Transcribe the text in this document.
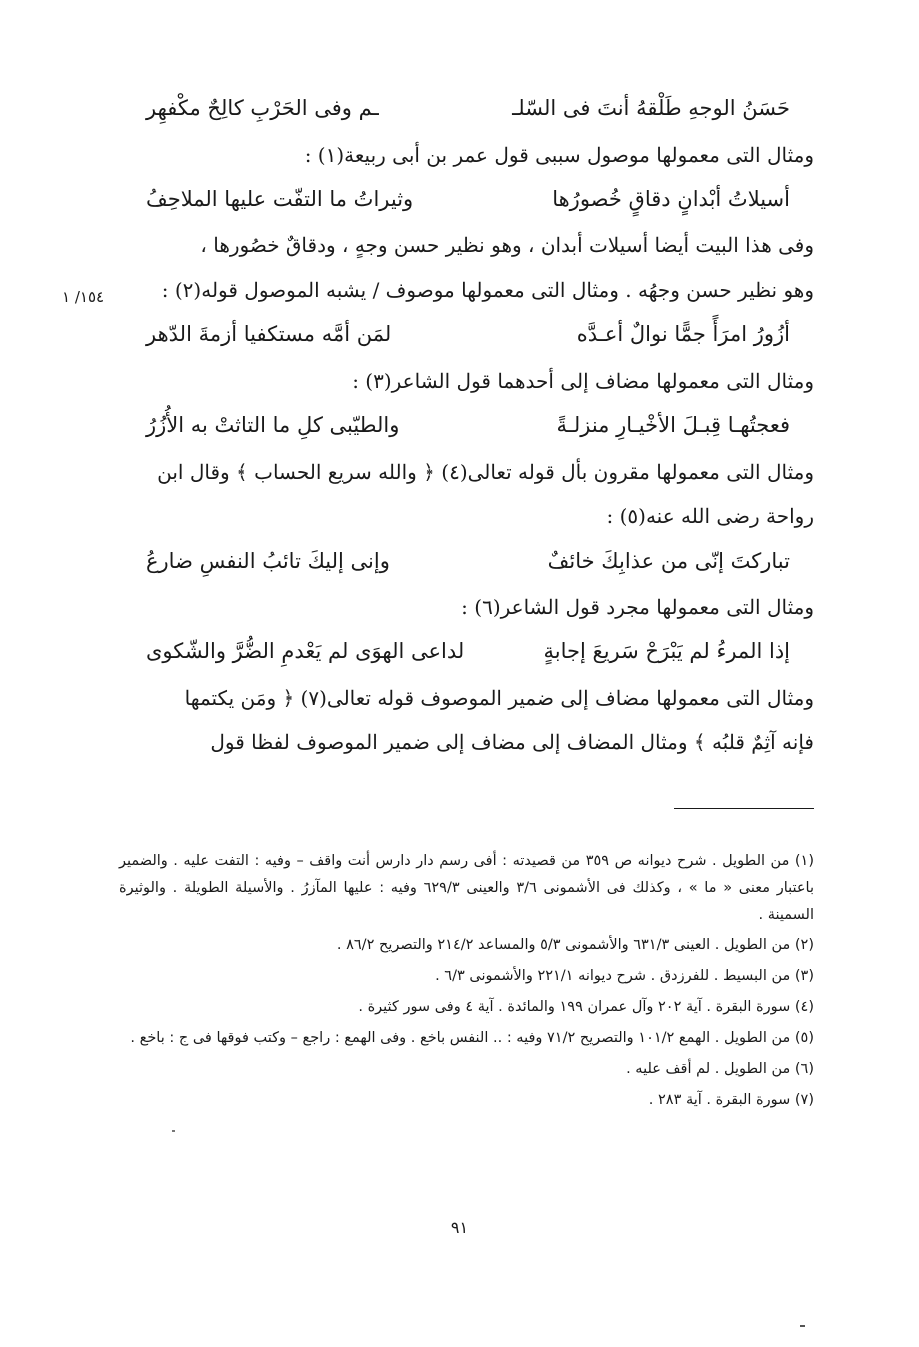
حَسَنُ الوجهِ طَلْقهُ أنتَ فى السّلـ
ـم وفى الحَرْبِ كالِحٌ مكْفهِر

ومثال التى معمولها موصول سببى قول عمر بن أبى ربيعة(١) :

أسيلاتُ أبْدانٍ دقاقٍ خُصورُها
وثيراتُ ما التفّت عليها الملاحِفُ

وفى هذا البيت أيضا أسيلات أبدان ، وهو نظير حسن وجهٍ ، ودقاقٌ خصُورها ،

وهو نظير حسن وجهُه . ومثال التى معمولها موصوف / يشبه الموصول قوله(٢) :

أزُورُ امرَأً جمًّا نوالٌ أعـدَّه
لمَن أمَّه مستكفيا أزمةَ الدّهر

ومثال التى معمولها مضاف إلى أحدهما قول الشاعر(٣) :

فعجتُهـا قِبـلَ الأخْيـارِ منزلـةً
والطيّبى كلِ ما التاثتْ به الأُزُرُ

ومثال التى معمولها مقرون بأل قوله تعالى(٤) ﴿ والله سريع الحساب ﴾ وقال ابن

رواحة رضى الله عنه(٥) :

تباركتَ إنّى من عذابِكَ خائفٌ
وإنى إليكَ تائبُ النفسِ ضارعُ

ومثال التى معمولها مجرد قول الشاعر(٦) :

إذا المرءُ لم يَبْرَحْ سَريعَ إجابةٍ
لداعى الهوَى لم يَعْدمِ الضُّرَّ والشّكوى

ومثال التى معمولها مضاف إلى ضمير الموصوف قوله تعالى(٧) ﴿ ومَن يكتمها

فإنه آثِمٌ قلبُه ﴾ ومثال المضاف إلى مضاف إلى ضمير الموصوف لفظا قول

١٥٤/ ١

(١) من الطويل . شرح ديوانه ص ٣٥٩ من قصيدته : أفى رسم دار دارس أنت واقف – وفيه : التفت عليه . والضمير باعتبار معنى « ما » ، وكذلك فى الأشمونى ٣/٦ والعينى ٦٢٩/٣ وفيه : عليها المآزرُ . والأسيلة الطويلة . والوثيرة السمينة .

(٢) من الطويل . العينى ٦٣١/٣ والأشمونى ٥/٣ والمساعد ٢١٤/٢ والتصريح ٨٦/٢ .

(٣) من البسيط . للفرزدق . شرح ديوانه ٢٢١/١ والأشمونى ٦/٣ .

(٤) سورة البقرة . آية ٢٠٢ وآل عمران ١٩٩ والمائدة . آية ٤ وفى سور كثيرة .

(٥) من الطويل . الهمع ١٠١/٢ والتصريح ٧١/٢ وفيه : .. النفس باخع . وفى الهمع : راجع – وكتب فوقها فى ج : باخع .

(٦) من الطويل . لم أقف عليه .

(٧) سورة البقرة . آية ٢٨٣ .

٩١
